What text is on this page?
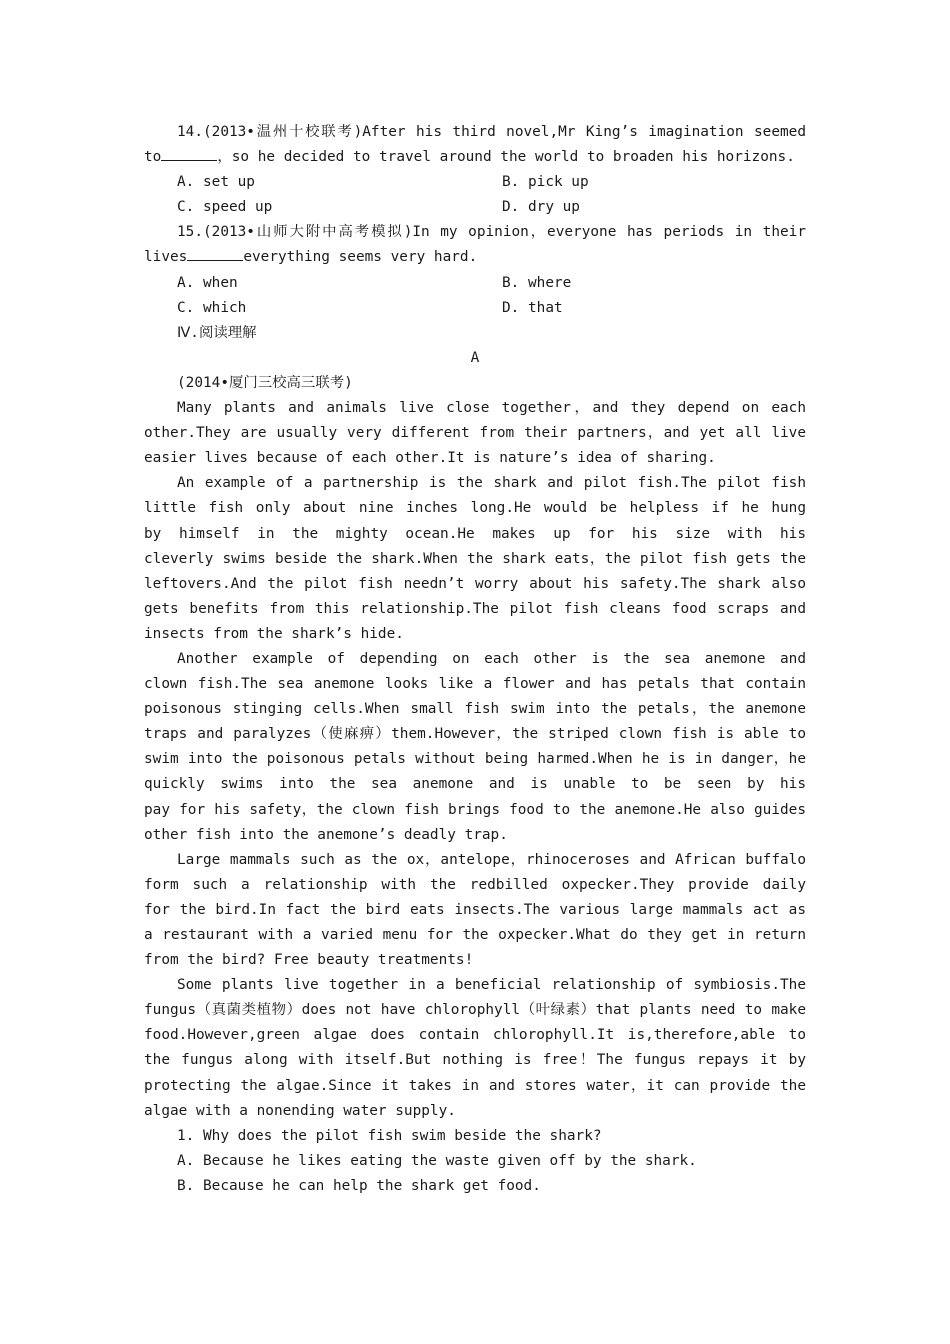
14.(2013•温州十校联考)After his third novel,Mr King’s imagination seemed
to	，so he decided to travel around the world to broaden his horizons.
A. set up	B. pick up
C. speed up	D. dry up
15.(2013•山师大附中高考模拟)In my opinion，everyone has periods in their
lives	everything seems very hard.
A. when	B. where
C. which	D. that
Ⅳ.阅读理解
A
(2014•厦门三校高三联考)
Many plants and animals live close together，and they depend on each
other.They are usually very different from their partners，and yet all live
easier lives because of each other.It is nature’s idea of sharing.
An example of a partnership is the shark and pilot fish.The pilot fish
little fish only about nine inches long.He would be helpless if he hung
by himself in the mighty ocean.He makes up for his size with his
cleverly swims beside the shark.When the shark eats，the pilot fish gets the
leftovers.And the pilot fish needn’t worry about his safety.The shark also
gets benefits from this relationship.The pilot fish cleans food scraps and
insects from the shark’s hide.
Another example of depending on each other is the sea anemone and
clown fish.The sea anemone looks like a flower and has petals that contain
poisonous stinging cells.When small fish swim into the petals，the anemone
traps and paralyzes（使麻痹）them.However，the striped clown fish is able to
swim into the poisonous petals without being harmed.When he is in danger，he
quickly swims into the sea anemone and is unable to be seen by his
pay for his safety，the clown fish brings food to the anemone.He also guides
other fish into the anemone’s deadly trap.
Large mammals such as the ox，antelope，rhinoceroses and African buffalo
form such a relationship with the redbilled oxpecker.They provide daily
for the bird.In fact the bird eats insects.The various large mammals act as
a restaurant with a varied menu for the oxpecker.What do they get in return
from the bird? Free beauty treatments!
Some plants live together in a beneficial relationship of symbiosis.The
fungus（真菌类植物）does not have chlorophyll（叶绿素）that plants need to make
food.However,green algae does contain chlorophyll.It is,therefore,able to
the fungus along with itself.But nothing is free！The fungus repays it by
protecting the algae.Since it takes in and stores water，it can provide the
algae with a nonending water supply.
1. Why does the pilot fish swim beside the shark?
A. Because he likes eating the waste given off by the shark.
B. Because he can help the shark get food.
